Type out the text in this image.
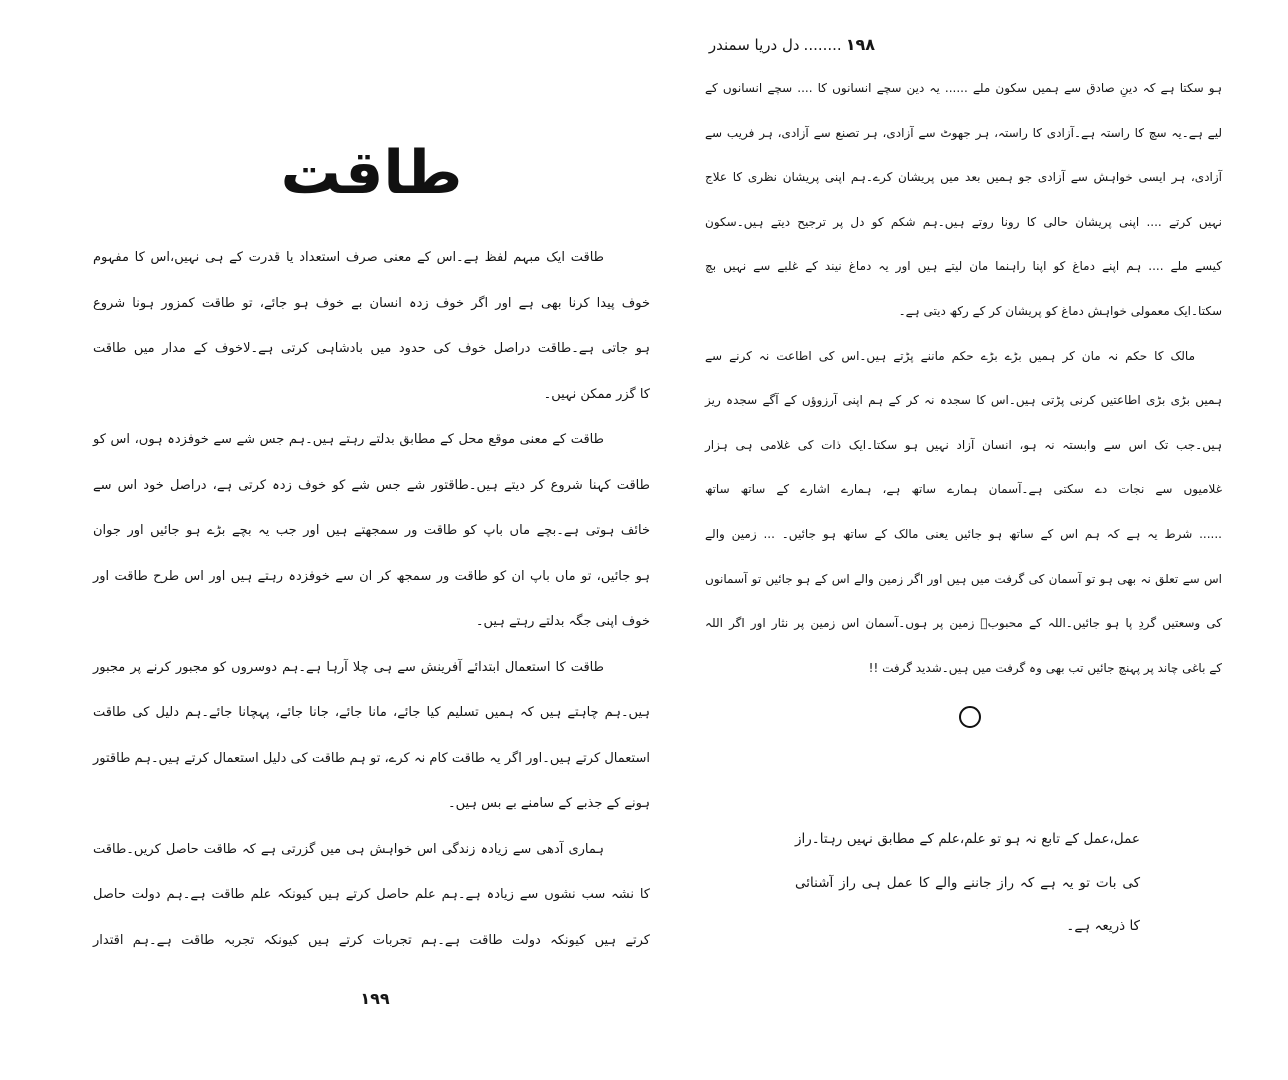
طاقت
طاقت ایک مبہم لفظ ہے۔اس کے معنی صرف استعداد یا قدرت کے ہی نہیں،اس کا مفہوم
خوف پیدا کرنا بھی ہے اور اگر خوف زدہ انسان بے خوف ہو جائے، تو طاقت کمزور ہونا شروع
ہو جاتی ہے۔طاقت دراصل خوف کی حدود میں بادشاہی کرتی ہے۔لاخوف کے مدار میں طاقت
کا گزر ممکن نہیں۔
طاقت کے معنی موقع محل کے مطابق بدلتے رہتے ہیں۔ہم جس شے سے خوفزدہ ہوں، اس کو
طاقت کہنا شروع کر دیتے ہیں۔طاقتور شے جس شے کو خوف زدہ کرتی ہے، دراصل خود اس سے
خائف ہوتی ہے۔بچے ماں باپ کو طاقت ور سمجھتے ہیں اور جب یہ بچے بڑے ہو جائیں اور جوان
ہو جائیں، تو ماں باپ ان کو طاقت ور سمجھ کر ان سے خوفزدہ رہتے ہیں اور اس طرح طاقت اور
خوف اپنی جگہ بدلتے رہتے ہیں۔
طاقت کا استعمال ابتدائے آفرینش سے ہی چلا آرہا ہے۔ہم دوسروں کو مجبور کرنے پر مجبور
ہیں۔ہم چاہتے ہیں کہ ہمیں تسلیم کیا جائے، مانا جائے، جانا جائے، پہچانا جائے۔ہم دلیل کی طاقت
استعمال کرتے ہیں۔اور اگر یہ طاقت کام نہ کرے، تو ہم طاقت کی دلیل استعمال کرتے ہیں۔ہم طاقتور
ہونے کے جذبے کے سامنے بے بس ہیں۔
ہماری آدھی سے زیادہ زندگی اس خواہش ہی میں گزرتی ہے کہ طاقت حاصل کریں۔طاقت
کا نشہ سب نشوں سے زیادہ ہے۔ہم علم حاصل کرتے ہیں کیونکہ علم طاقت ہے۔ہم دولت حاصل
کرتے ہیں کیونکہ دولت طاقت ہے۔ہم تجربات کرتے ہیں کیونکہ تجربہ طاقت ہے۔ہم اقتدار
۱۹۹
۱۹۸........دل دریا سمندر
ہو سکتا ہے کہ دینِ صادق سے ہمیں سکون ملے ...... یہ دین سچے انسانوں کا .... سچے انسانوں کے
لیے ہے۔یہ سچ کا راستہ ہے۔آزادی کا راستہ، ہر جھوٹ سے آزادی، ہر تصنع سے آزادی، ہر فریب سے
آزادی، ہر ایسی خواہش سے آزادی جو ہمیں بعد میں پریشان کرے۔ہم اپنی پریشان نظری کا علاج
نہیں کرتے .... اپنی پریشان حالی کا رونا روتے ہیں۔ہم شکم کو دل پر ترجیح دیتے ہیں۔سکون
کیسے ملے .... ہم اپنے دماغ کو اپنا راہنما مان لیتے ہیں اور یہ دماغ نیند کے غلبے سے نہیں بچ
سکتا۔ایک معمولی خواہش دماغ کو پریشان کر کے رکھ دیتی ہے۔
مالک کا حکم نہ مان کر ہمیں بڑے بڑے حکم ماننے پڑتے ہیں۔اس کی اطاعت نہ کرنے سے
ہمیں بڑی بڑی اطاعتیں کرنی پڑتی ہیں۔اس کا سجدہ نہ کر کے ہم اپنی آرزوؤں کے آگے سجدہ ریز
ہیں۔جب تک اس سے وابستہ نہ ہو، انسان آزاد نہیں ہو سکتا۔ایک ذات کی غلامی ہی ہزار
غلامیوں سے نجات دے سکتی ہے۔آسمان ہمارے ساتھ ہے، ہمارے اشارے کے ساتھ ساتھ
...... شرط یہ ہے کہ ہم اس کے ساتھ ہو جائیں یعنی مالک کے ساتھ ہو جائیں۔ ... زمین والے
اس سے تعلق نہ بھی ہو تو آسمان کی گرفت میں ہیں اور اگر زمین والے اس کے ہو جائیں تو آسمانوں
کی وسعتیں گردِ پا ہو جائیں۔اللہ کے محبوبؐ زمین پر ہوں۔آسمان اس زمین پر نثار اور اگر اللہ
کے باغی چاند پر پہنچ جائیں تب بھی وہ گرفت میں ہیں۔شدید گرفت !!
عمل،عمل کے تابع نہ ہو تو علم،علم کے مطابق نہیں رہتا۔راز
کی بات تو یہ ہے کہ راز جاننے والے کا عمل ہی راز آشنائی
کا ذریعہ ہے۔
